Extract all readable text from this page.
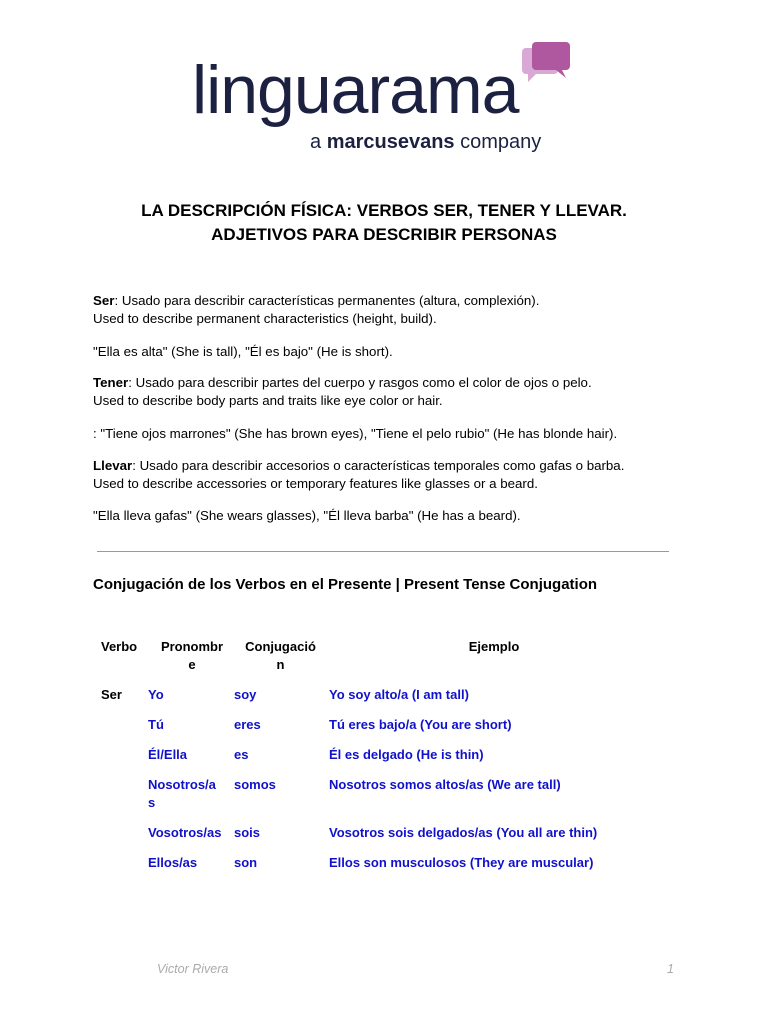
linguarama
a marcusevans company
LA DESCRIPCIÓN FÍSICA: VERBOS SER, TENER Y LLEVAR.
ADJETIVOS PARA DESCRIBIR PERSONAS

Ser: Usado para describir características permanentes (altura, complexión).
Used to describe permanent characteristics (height, build).

"Ella es alta" (She is tall), "Él es bajo" (He is short).

Tener: Usado para describir partes del cuerpo y rasgos como el color de ojos o pelo.
Used to describe body parts and traits like eye color or hair.

: "Tiene ojos marrones" (She has brown eyes), "Tiene el pelo rubio" (He has blonde hair).

Llevar: Usado para describir accesorios o características temporales como gafas o barba.
Used to describe accessories or temporary features like glasses or a beard.

"Ella lleva gafas" (She wears glasses), "Él lleva barba" (He has a beard).

Conjugación de los Verbos en el Presente | Present Tense Conjugation
Verbo	Pronombre	Conjugación	Ejemplo
Ser	Yo	soy	Yo soy alto/a (I am tall)
	Tú	eres	Tú eres bajo/a (You are short)
	Él/Ella	es	Él es delgado (He is thin)
	Nosotros/as	somos	Nosotros somos altos/as (We are tall)
	Vosotros/as	sois	Vosotros sois delgados/as (You all are thin)
	Ellos/as	son	Ellos son musculosos (They are muscular)

Victor Rivera	1
